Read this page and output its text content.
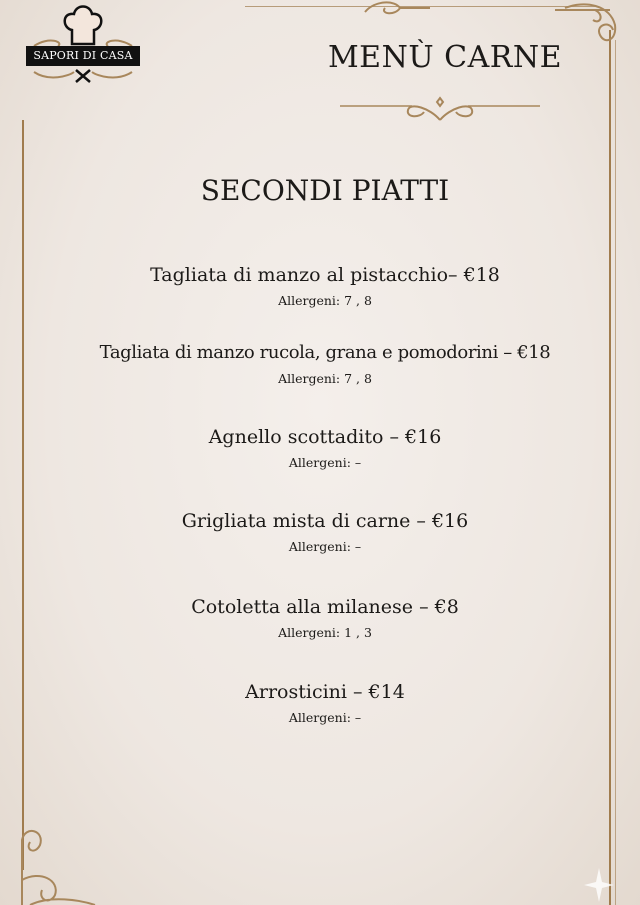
SAPORI DI CASA	MENÙ CARNE
SECONDI PIATTI
Tagliata di manzo al pistacchio– €18
Allergeni: 7 , 8
Tagliata di manzo rucola, grana e pomodorini – €18
Allergeni: 7 , 8
Agnello scottadito – €16
Allergeni: –
Grigliata mista di carne – €16
Allergeni: –
Cotoletta alla milanese – €8
Allergeni: 1 , 3
Arrosticini – €14
Allergeni: –
